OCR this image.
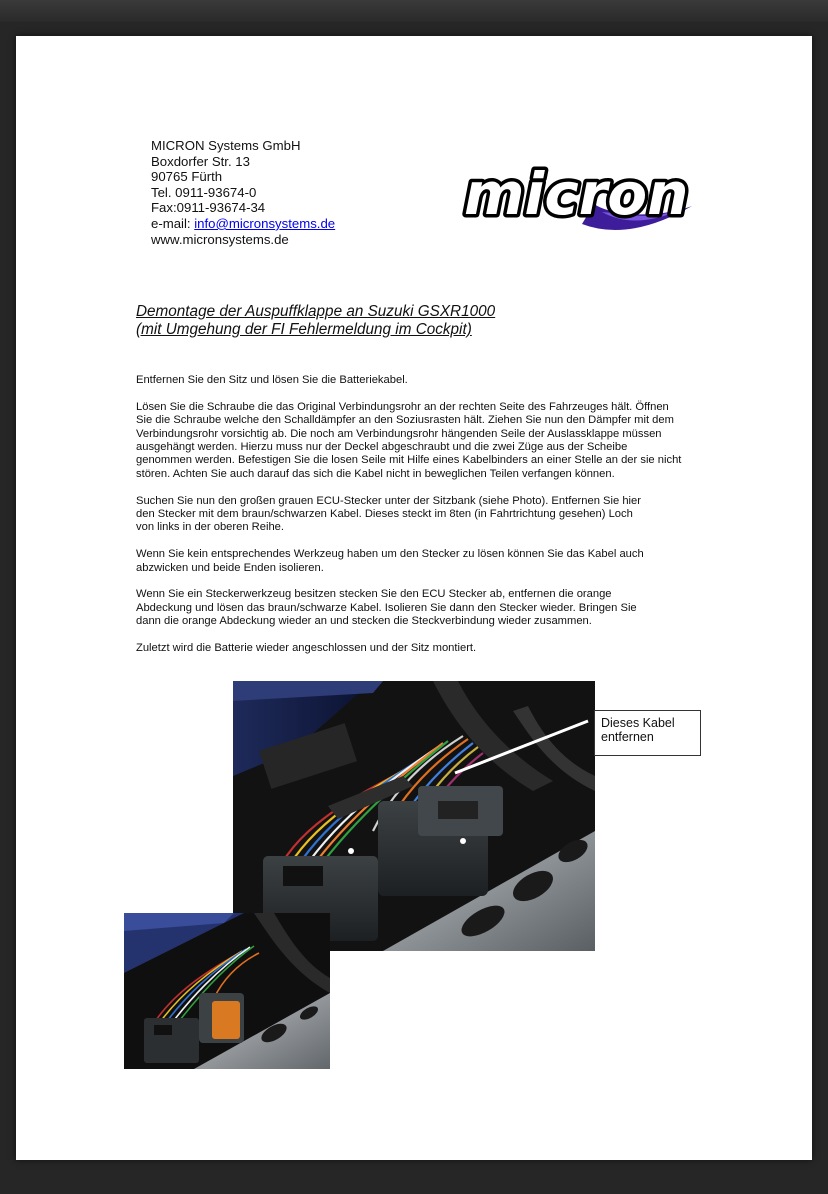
MICRON Systems GmbH
Boxdorfer Str. 13
90765 Fürth
Tel. 0911-93674-0
Fax:0911-93674-34
e-mail: info@micronsystems.de
www.micronsystems.de
micron
Demontage der Auspuffklappe an Suzuki GSXR1000
(mit Umgehung der FI Fehlermeldung im Cockpit)

Entfernen Sie den Sitz und lösen Sie die Batteriekabel.

Lösen Sie die Schraube die das Original Verbindungsrohr an der rechten Seite des Fahrzeuges hält. Öffnen
Sie die Schraube welche den Schalldämpfer an den Soziusrasten hält. Ziehen Sie nun den Dämpfer mit dem
Verbindungsrohr vorsichtig ab. Die noch am Verbindungsrohr hängenden Seile der Auslassklappe müssen
ausgehängt werden. Hierzu muss nur der Deckel abgeschraubt und die zwei Züge aus der Scheibe
genommen werden. Befestigen Sie die losen Seile mit Hilfe eines Kabelbinders an einer Stelle an der sie nicht
stören. Achten Sie auch darauf das sich die Kabel nicht in beweglichen Teilen verfangen können.

Suchen Sie nun den großen grauen ECU-Stecker unter der Sitzbank (siehe Photo). Entfernen Sie hier
den Stecker mit dem braun/schwarzen Kabel. Dieses steckt im 8ten (in Fahrtrichtung gesehen) Loch
von links in der oberen Reihe.

Wenn Sie kein entsprechendes Werkzeug haben um den Stecker zu lösen können Sie das Kabel auch
abzwicken und beide Enden isolieren.

Wenn Sie ein Steckerwerkzeug besitzen stecken Sie den ECU Stecker ab, entfernen die orange
Abdeckung und lösen das braun/schwarze Kabel. Isolieren Sie dann den Stecker wieder. Bringen Sie
dann die orange Abdeckung wieder an und stecken die Steckverbindung wieder zusammen.

Zuletzt wird die Batterie wieder angeschlossen und der Sitz montiert.

Dieses Kabel
entfernen
